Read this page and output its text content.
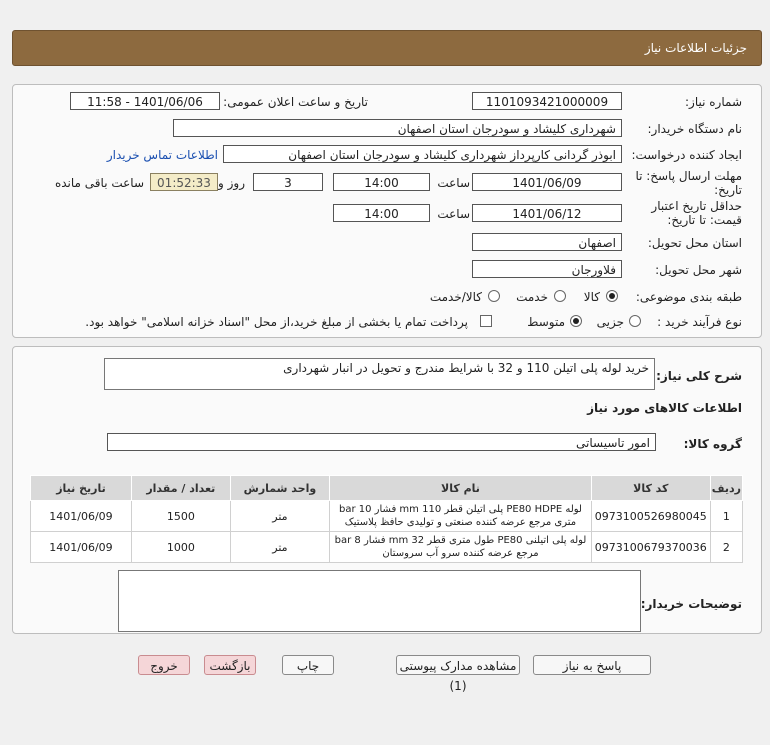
جزئیات اطلاعات نیاز
شماره نیاز:
1101093421000009
تاریخ و ساعت اعلان عمومی:
1401/06/06 - 11:58
نام دستگاه خریدار:
شهرداری کلیشاد و سودرجان استان اصفهان
ایجاد کننده درخواست:
ابوذر گردانی کارپرداز شهرداری کلیشاد و سودرجان استان اصفهان
اطلاعات تماس خریدار
مهلت ارسال پاسخ: تا
تاریخ:
1401/06/09
ساعت
14:00
3
روز و
01:52:33
ساعت باقی مانده
حداقل تاریخ اعتبار
قیمت: تا تاریخ:
1401/06/12
ساعت
14:00
استان محل تحویل:
اصفهان
شهر محل تحویل:
فلاورجان
طبقه بندی موضوعی:
کالا
خدمت
کالا/خدمت
نوع فرآیند خرید :
جزیی
متوسط
پرداخت تمام یا بخشی از مبلغ خرید،از محل "اسناد خزانه اسلامی" خواهد بود.
شرح کلی نیاز:
خرید لوله پلی اتیلن 110 و 32 با شرایط مندرج و تحویل در انبار شهرداری
اطلاعات کالاهای مورد نیاز
گروه کالا:
امور تاسیساتی
ردیف	کد کالا	نام کالا	واحد شمارش	تعداد / مقدار	تاریخ نیاز
1	0973100526980045	لوله PE80 HDPE پلی اتیلن قطر 110 mm فشار 10 bar متری مرجع عرضه کننده صنعتی و تولیدی حافظ پلاستیک	متر	1500	1401/06/09
2	0973100679370036	لوله پلی اتیلنی PE80 طول متری قطر 32 mm فشار 8 bar مرجع عرضه کننده سرو آب سروستان	متر	1000	1401/06/09
توضیحات خریدار:
پاسخ به نیاز
مشاهده مدارک پیوستی (1)
چاپ
بازگشت
خروج
